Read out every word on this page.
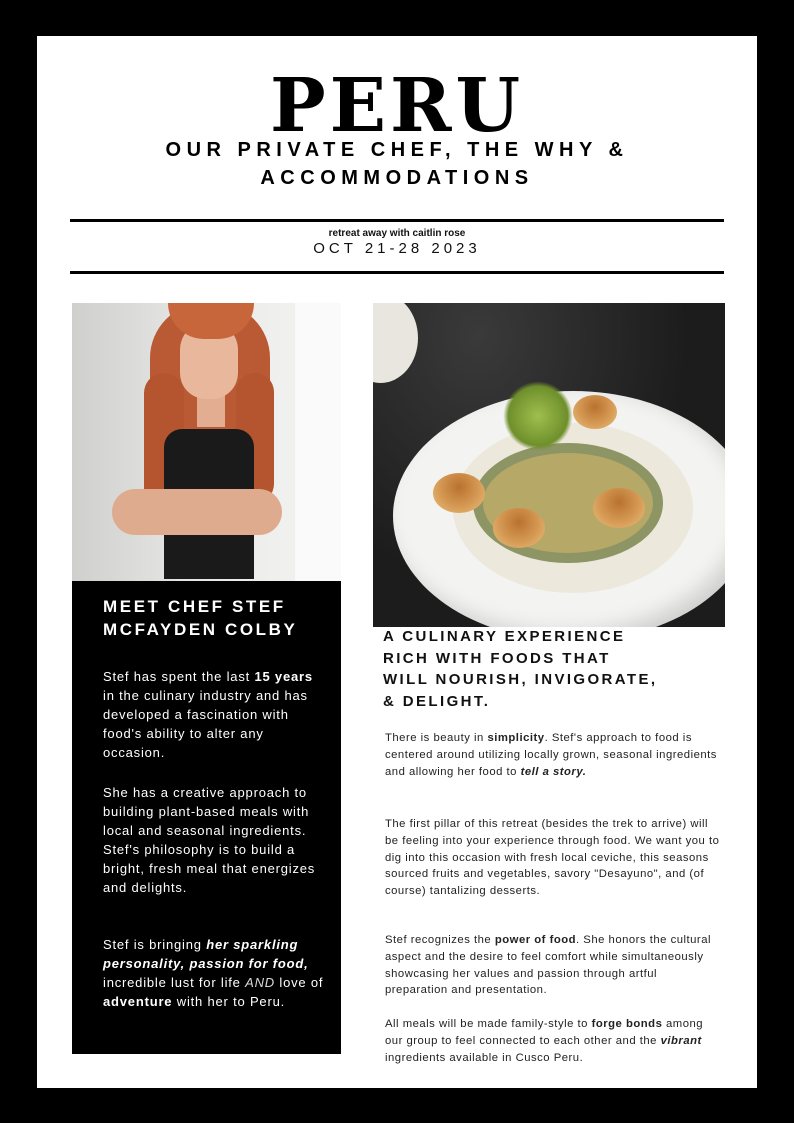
PERU
OUR PRIVATE CHEF, THE WHY &
ACCOMMODATIONS
retreat away with caitlin rose
OCT 21-28 2023
MEET CHEF STEF
MCFAYDEN COLBY

Stef has spent the last 15 years in the culinary industry and has developed a fascination with food's ability to alter any occasion.

She has a creative approach to building plant-based meals with local and seasonal ingredients. Stef's philosophy is to build a bright, fresh meal that energizes and delights.

Stef is bringing her sparkling personality, passion for food, incredible lust for life AND love of adventure with her to Peru.

A CULINARY EXPERIENCE
RICH WITH FOODS THAT
WILL NOURISH, INVIGORATE,
& DELIGHT.

There is beauty in simplicity. Stef's approach to food is centered around utilizing locally grown, seasonal ingredients and allowing her food to tell a story.

The first pillar of this retreat (besides the trek to arrive) will be feeling into your experience through food. We want you to dig into this occasion with fresh local ceviche, this seasons sourced fruits and vegetables, savory "Desayuno", and (of course) tantalizing desserts.

Stef recognizes the power of food. She honors the cultural aspect and the desire to feel comfort while simultaneously showcasing her values and passion through artful preparation and presentation.

All meals will be made family-style to forge bonds among our group to feel connected to each other and the vibrant ingredients available in Cusco Peru.
